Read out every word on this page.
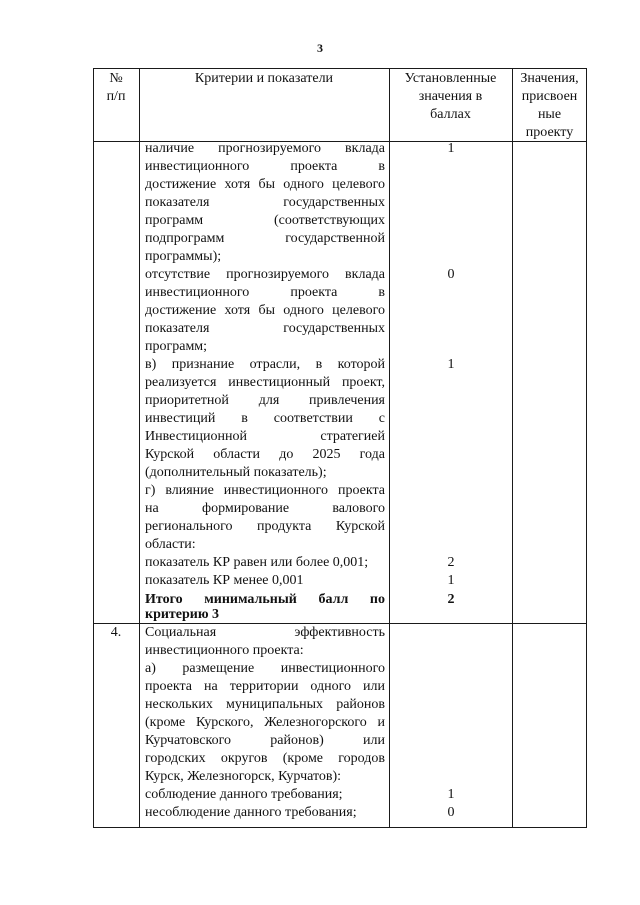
3
№
п/п
Критерии и показатели	Установленные
значения в
баллах
Значения,
присвоен
ные
проекту
наличие прогнозируемого вклада
инвестиционного проекта в
достижение хотя бы одного целевого
показателя государственных
программ (соответствующих
подпрограмм государственной
программы);
отсутствие прогнозируемого вклада
инвестиционного проекта в
достижение хотя бы одного целевого
показателя государственных
программ;
в) признание отрасли, в которой
реализуется инвестиционный проект,
приоритетной для привлечения
инвестиций в соответствии с
Инвестиционной стратегией
Курской области до 2025 года
(дополнительный показатель);
г) влияние инвестиционного проекта
на формирование валового
регионального продукта Курской
области:
показатель КР равен или более 0,001;
показатель КР менее 0,001
Итого минимальный балл по
критерию 3
1
0
1
2
1
2
4.	Социальная эффективность
инвестиционного проекта:
а) размещение инвестиционного
проекта на территории одного или
нескольких муниципальных районов
(кроме Курского, Железногорского и
Курчатовского районов) или
городских округов (кроме городов
Курск, Железногорск, Курчатов):
соблюдение данного требования;
несоблюдение данного требования;
1
0
